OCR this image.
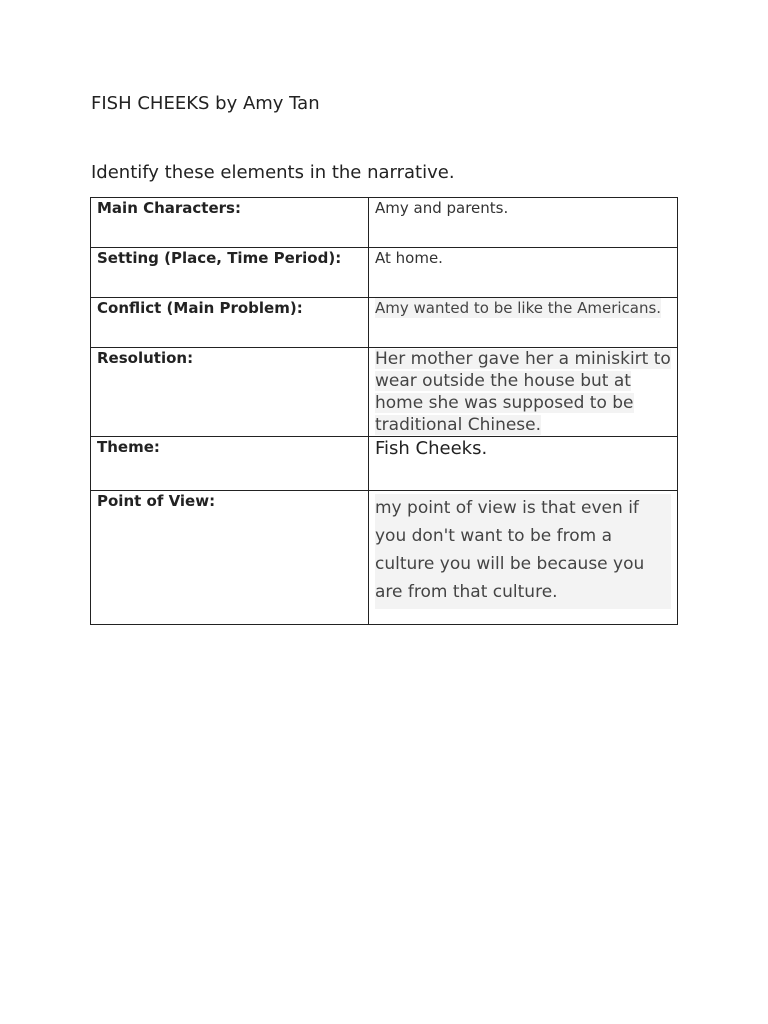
FISH CHEEKS by Amy Tan
Identify these elements in the narrative.
Main Characters:	Amy and parents.
Setting (Place, Time Period):	At home.
Conflict (Main Problem):	Amy wanted to be like the Americans.
Resolution:	Her mother gave her a miniskirt to wear outside the house but at home she was supposed to be traditional Chinese.
Theme:	Fish Cheeks.
Point of View:	my point of view is that even if you don't want to be from a culture you will be because you are from that culture.
